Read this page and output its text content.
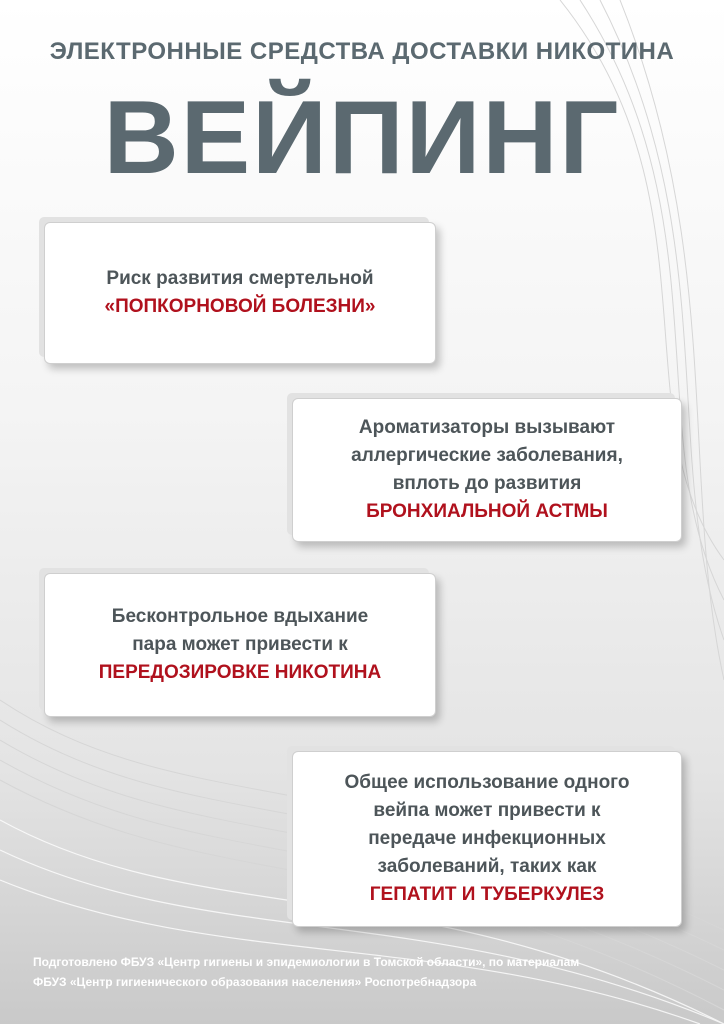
ЭЛЕКТРОННЫЕ СРЕДСТВА ДОСТАВКИ НИКОТИНА
ВЕЙПИНГ
Риск развития смертельной
«ПОПКОРНОВОЙ БОЛЕЗНИ»
Ароматизаторы вызывают
аллергические заболевания,
вплоть до развития
БРОНХИАЛЬНОЙ АСТМЫ
Бесконтрольное вдыхание
пара может привести к
ПЕРЕДОЗИРОВКЕ НИКОТИНА
Общее использование одного
вейпа может привести к
передаче инфекционных
заболеваний, таких как
ГЕПАТИТ И ТУБЕРКУЛЕЗ
Подготовлено ФБУЗ «Центр гигиены и эпидемиологии в Томской области», по материалам
ФБУЗ «Центр гигиенического образования населения» Роспотребнадзора
